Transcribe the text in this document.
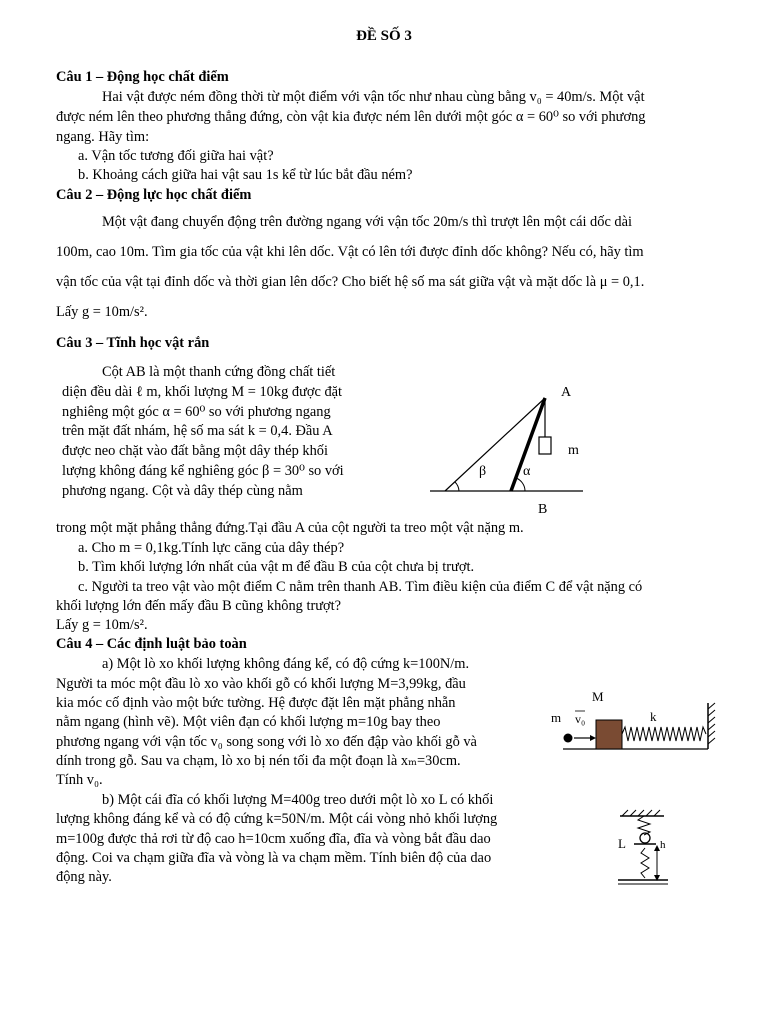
ĐỀ SỐ 3
Câu 1 – Động học chất điểm
Hai vật được ném đồng thời từ một điểm với vận tốc như nhau cùng bằng v₀ = 40m/s. Một vật
được ném lên theo phương thẳng đứng, còn vật kia được ném lên dưới một góc α = 60⁰ so với phương
ngang. Hãy tìm:
a. Vận tốc tương đối giữa hai vật?
b. Khoảng cách giữa hai vật sau 1s kể từ lúc bắt đầu ném?
Câu 2 – Động lực học chất điểm
Một vật đang chuyển động trên đường ngang với vận tốc 20m/s thì trượt lên một cái dốc dài
100m, cao 10m. Tìm gia tốc của vật khi lên dốc. Vật có lên tới được đỉnh dốc không? Nếu có, hãy tìm
vận tốc của vật tại đỉnh dốc và thời gian lên dốc? Cho biết hệ số ma sát giữa vật và mặt dốc là μ = 0,1.
Lấy g = 10m/s².
Câu 3 – Tĩnh học vật rắn
Cột AB là một thanh cứng đồng chất tiết
diện đều dài ℓ m, khối lượng M = 10kg được đặt
nghiêng một góc α = 60⁰ so với phương ngang
trên mặt đất nhám, hệ số ma sát k = 0,4. Đầu A
được neo chặt vào đất bằng một dây thép khối
lượng không đáng kể nghiêng góc β = 30⁰ so với
phương ngang. Cột và dây thép cùng nằm
A
B
m
β	α
trong một mặt phẳng thẳng đứng.Tại đầu A của cột người ta treo một vật nặng m.
a. Cho m = 0,1kg.Tính lực căng của dây thép?
b. Tìm khối lượng lớn nhất của vật m để đầu B của cột chưa bị trượt.
c. Người ta treo vật vào một điểm C nằm trên thanh AB. Tìm điều kiện của điểm C để vật nặng có
khối lượng lớn đến mấy đầu B cũng không trượt?
Lấy g = 10m/s².
Câu 4 – Các định luật bảo toàn
a) Một lò xo khối lượng không đáng kể, có độ cứng k=100N/m.
Người ta móc một đầu lò xo vào khối gỗ có khối lượng M=3,99kg, đầu
kia móc cố định vào một bức tường. Hệ được đặt lên mặt phẳng nhẵn
nằm ngang (hình vẽ). Một viên đạn có khối lượng m=10g bay theo
phương ngang với vận tốc v₀ song song với lò xo đến đập vào khối gỗ và
dính trong gỗ. Sau va chạm, lò xo bị nén tối đa một đoạn là xₘ=30cm.
Tính v₀.
M
m v₀	k
b) Một cái đĩa có khối lượng M=400g treo dưới một lò xo L có khối
lượng không đáng kể và có độ cứng k=50N/m. Một cái vòng nhỏ khối lượng
m=100g được thả rơi từ độ cao h=10cm xuống đĩa, đĩa và vòng bắt đầu dao
động. Coi va chạm giữa đĩa và vòng là va chạm mềm. Tính biên độ của dao
động này.
L	h
